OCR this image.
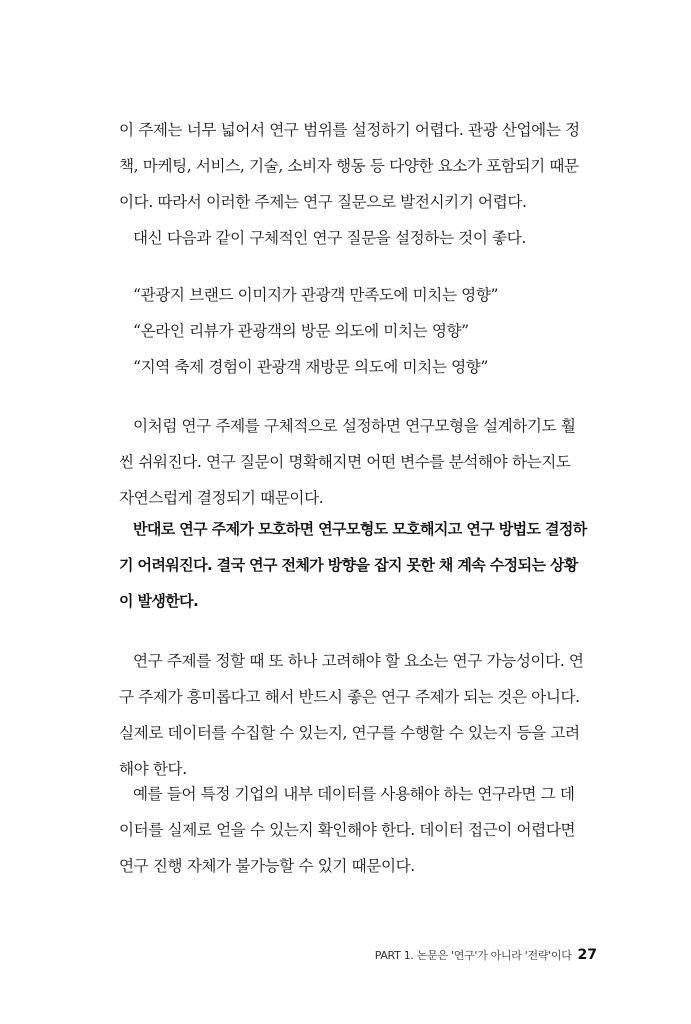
이 주제는 너무 넓어서 연구 범위를 설정하기 어렵다. 관광 산업에는 정
책, 마케팅, 서비스, 기술, 소비자 행동 등 다양한 요소가 포함되기 때문
이다. 따라서 이러한 주제는 연구 질문으로 발전시키기 어렵다.
대신 다음과 같이 구체적인 연구 질문을 설정하는 것이 좋다.
“관광지 브랜드 이미지가 관광객 만족도에 미치는 영향”
“온라인 리뷰가 관광객의 방문 의도에 미치는 영향”
“지역 축제 경험이 관광객 재방문 의도에 미치는 영향”
이처럼 연구 주제를 구체적으로 설정하면 연구모형을 설계하기도 훨
씬 쉬워진다. 연구 질문이 명확해지면 어떤 변수를 분석해야 하는지도
자연스럽게 결정되기 때문이다.
반대로 연구 주제가 모호하면 연구모형도 모호해지고 연구 방법도 결정하
기 어려워진다. 결국 연구 전체가 방향을 잡지 못한 채 계속 수정되는 상황
이 발생한다.
연구 주제를 정할 때 또 하나 고려해야 할 요소는 연구 가능성이다. 연
구 주제가 흥미롭다고 해서 반드시 좋은 연구 주제가 되는 것은 아니다.
실제로 데이터를 수집할 수 있는지, 연구를 수행할 수 있는지 등을 고려
해야 한다.
예를 들어 특정 기업의 내부 데이터를 사용해야 하는 연구라면 그 데
이터를 실제로 얻을 수 있는지 확인해야 한다. 데이터 접근이 어렵다면
연구 진행 자체가 불가능할 수 있기 때문이다.
PART 1. 논문은 '연구'가 아니라 '전략'이다 27
